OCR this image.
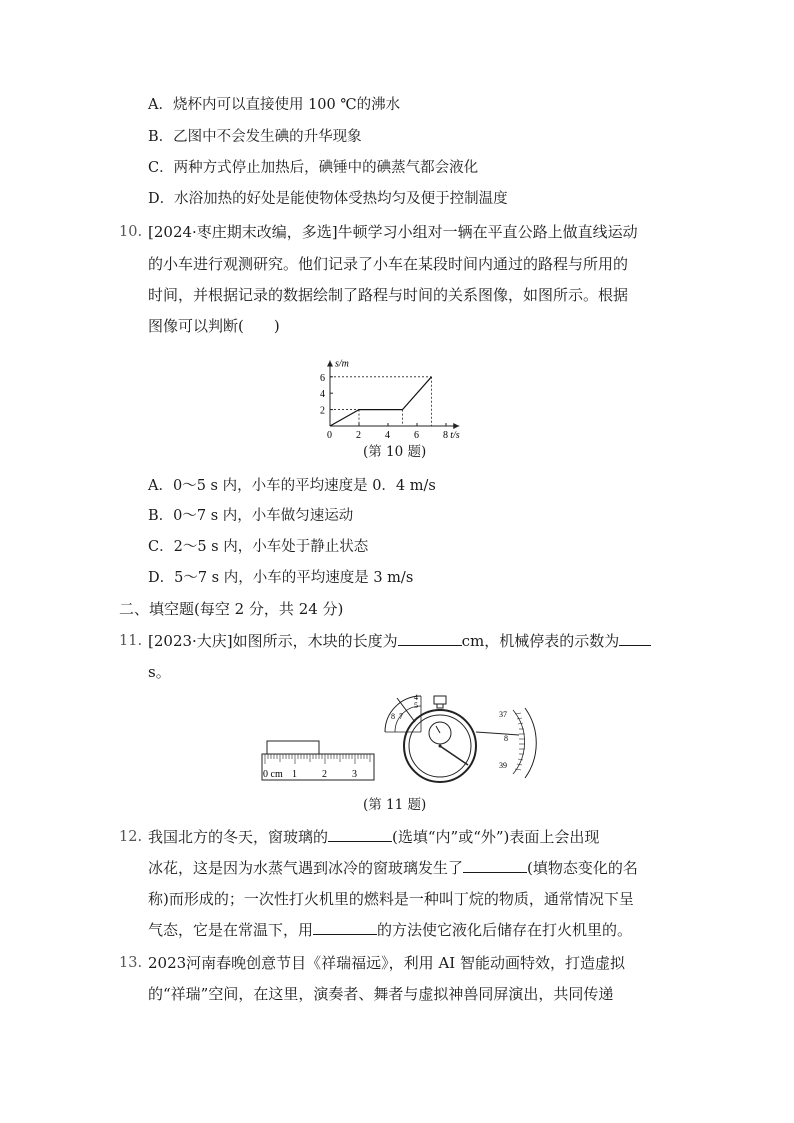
A．烧杯内可以直接使用 100 ℃的沸水
B．乙图中不会发生碘的升华现象
C．两种方式停止加热后，碘锤中的碘蒸气都会液化
D．水浴加热的好处是能使物体受热均匀及便于控制温度
10. [2024·枣庄期末改编，多选]牛顿学习小组对一辆在平直公路上做直线运动
的小车进行观测研究。他们记录了小车在某段时间内通过的路程与所用的
时间，并根据记录的数据绘制了路程与时间的关系图像，如图所示。根据
图像可以判断(　　)
s/m
t/s
0 2 4 6 8
2
4
6
(第 10 题)
A．0～5 s 内，小车的平均速度是 0．4 m/s
B．0～7 s 内，小车做匀速运动
C．2～5 s 内，小车处于静止状态
D．5～7 s 内，小车的平均速度是 3 m/s
二、填空题(每空 2 分，共 24 分)
11. [2023·大庆]如图所示，木块的长度为	cm，机械停表的示数为
s。
0 cm 1	2	3
8 7
5
4
37
8
39
(第 11 题)
12. 我国北方的冬天，窗玻璃的	(选填“内”或“外”)表面上会出现
冰花，这是因为水蒸气遇到冰冷的窗玻璃发生了	(填物态变化的名
称)而形成的；一次性打火机里的燃料是一种叫丁烷的物质，通常情况下呈
气态，它是在常温下，用	的方法使它液化后储存在打火机里的。
13. 2023河南春晚创意节目《祥瑞福远》，利用 AI 智能动画特效，打造虚拟
的“祥瑞”空间，在这里，演奏者、舞者与虚拟神兽同屏演出，共同传递
